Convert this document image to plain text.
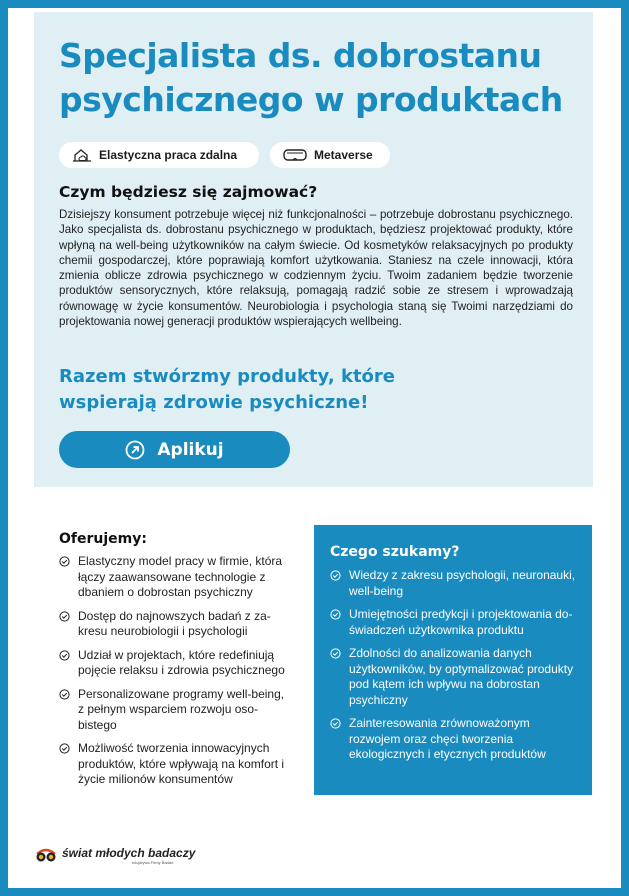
Specjalista ds. dobrostanu psychicznego w produktach
Elastyczna praca zdalna	Metaverse
Czym będziesz się zajmować?

Dzisiejszy konsument potrzebuje więcej niż funkcjonalności – potrzebuje dobrostanu psychicznego. Jako specjalista ds. dobrostanu psychicznego w produktach, będziesz projektować produkty, które wpłyną na well-being użytkowników na całym świecie. Od kosmetyków relaksacyjnych po produkty chemii gospodarczej, które poprawiają komfort użytkowania. Staniesz na czele innowacji, która zmienia oblicze zdrowia psychicznego w codziennym życiu. Twoim zadaniem będzie tworzenie produktów sensorycznych, które relaksują, pomagają radzić sobie ze stresem i wprowadzają równowagę w życie konsumentów. Neurobiologia i psychologia staną się Twoimi narzędziami do projektowania nowej generacji produktów wspierających wellbeing.

Razem stwórzmy produkty, które wspierają zdrowie psychiczne!
Aplikuj
Oferujemy:
Elastyczny model pracy w firmie, która łączy zaawansowane technologie z dbaniem o dobrostan psychiczny
Dostęp do najnowszych badań z zakresu neurobiologii i psychologii
Udział w projektach, które redefiniują pojęcie relaksu i zdrowia psychicznego
Personalizowane programy well-being, z pełnym wsparciem rozwoju osobistego
Możliwość tworzenia innowacyjnych produktów, które wpływają na komfort i życie milionów konsumentów
Czego szukamy?
Wiedzy z zakresu psychologii, neuronauki, well-being
Umiejętności predykcji i projektowania doświadczeń użytkownika produktu
Zdolności do analizowania danych użytkowników, by optymalizować produkty pod kątem ich wpływu na dobrostan psychiczny
Zainteresowania zrównoważonym rozwojem oraz chęci tworzenia ekologicznych i etycznych produktów
świat młodych badaczy
Inicjatywa Firmy Badań
